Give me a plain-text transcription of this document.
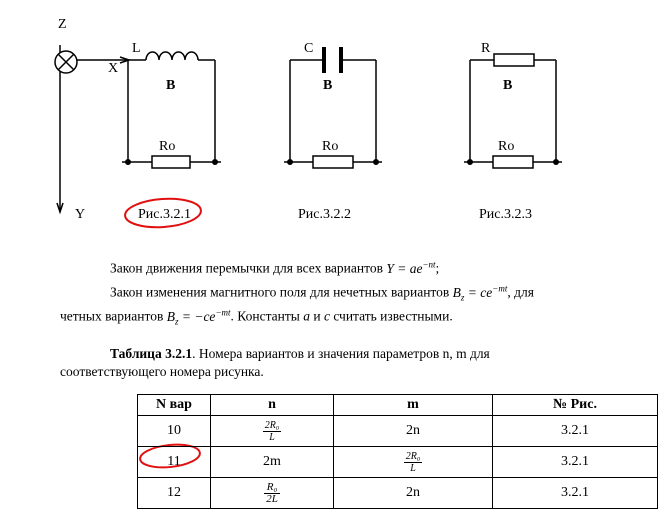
Z
X
Y
L
B
Ro
Рис.3.2.1
C
B
Ro
Рис.3.2.2
R
B
Ro
Рис.3.2.3
Закон движения перемычки для всех вариантов $Y = ae^{-nt}$;
Закон изменения магнитного поля для нечетных вариантов $B_z = ce^{-mt}$, для
четных вариантов $B_z = -ce^{-mt}$. Константы a и c считать известными.
Таблица 3.2.1. Номера вариантов и значения параметров n, m для
соответствующего номера рисунка.
N вар	n	m	№ Рис.
10	$\frac{\text{2R₀}}{L}$	2n	3.2.1
11	2m	$\frac{\text{2R₀}}{L}$	3.2.1
12	$\frac{\text{R₀}}{2L}$	2n	3.2.1
